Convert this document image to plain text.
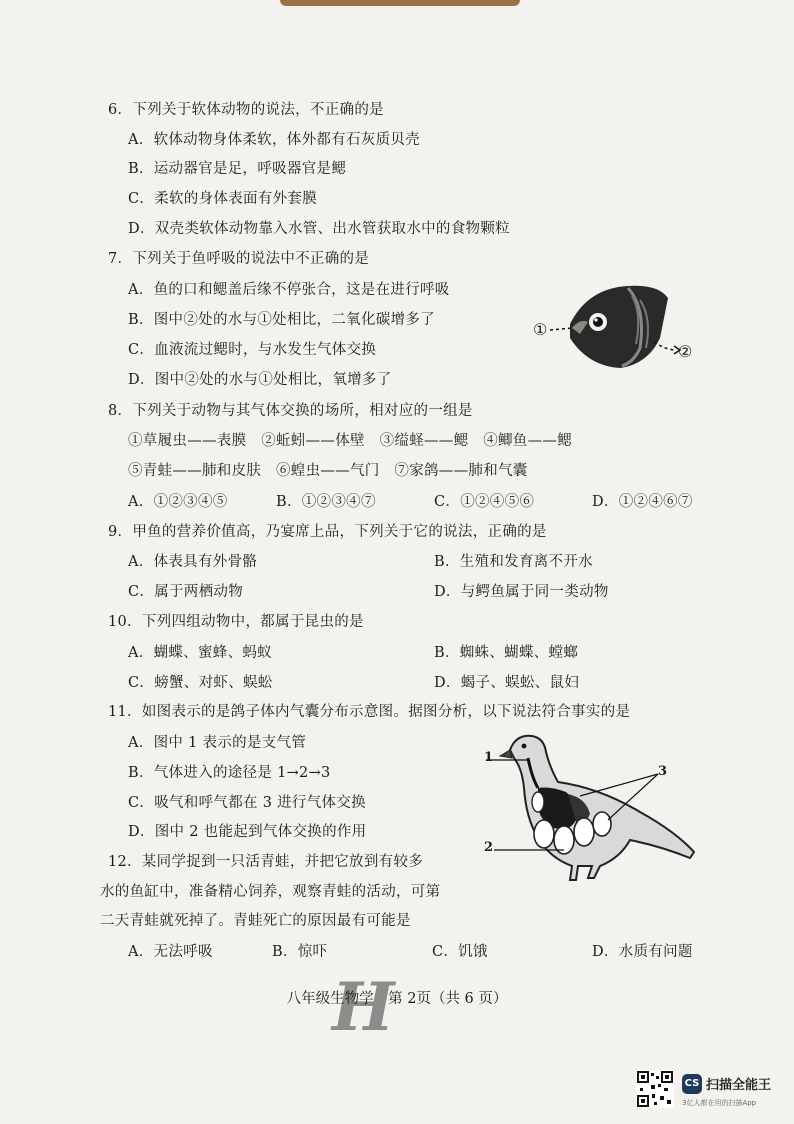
6．下列关于软体动物的说法，不正确的是
A．软体动物身体柔软，体外都有石灰质贝壳
B．运动器官是足，呼吸器官是鳃
C．柔软的身体表面有外套膜
D．双壳类软体动物靠入水管、出水管获取水中的食物颗粒
7．下列关于鱼呼吸的说法中不正确的是
A．鱼的口和鳃盖后缘不停张合，这是在进行呼吸
B．图中②处的水与①处相比，二氧化碳增多了
C．血液流过鳃时，与水发生气体交换
D．图中②处的水与①处相比，氧增多了
①
②
8．下列关于动物与其气体交换的场所，相对应的一组是
①草履虫——表膜　②蚯蚓——体壁　③缢蛏——鳃　④鲫鱼——鳃
⑤青蛙——肺和皮肤　⑥蝗虫——气门　⑦家鸽——肺和气囊
A．①②③④⑤	B．①②③④⑦	C．①②④⑤⑥	D．①②④⑥⑦
9．甲鱼的营养价值高，乃宴席上品，下列关于它的说法，正确的是
A．体表具有外骨骼	B．生殖和发育离不开水
C．属于两栖动物	D．与鳄鱼属于同一类动物
10．下列四组动物中，都属于昆虫的是
A．蝴蝶、蜜蜂、蚂蚁	B．蜘蛛、蝴蝶、螳螂
C．螃蟹、对虾、蜈蚣	D．蝎子、蜈蚣、鼠妇
11．如图表示的是鸽子体内气囊分布示意图。据图分析，以下说法符合事实的是
A．图中 1 表示的是支气管
B．气体进入的途径是 1→2→3
C．吸气和呼气都在 3 进行气体交换
D．图中 2 也能起到气体交换的作用
1
3
2
12．某同学捉到一只活青蛙，并把它放到有较多
水的鱼缸中，准备精心饲养，观察青蛙的活动，可第
二天青蛙就死掉了。青蛙死亡的原因最有可能是
A．无法呼吸	B．惊吓	C．饥饿	D．水质有问题
H
八年级生物学　第 2页（共 6 页）
CS 扫描全能王
3亿人都在用的扫描App
